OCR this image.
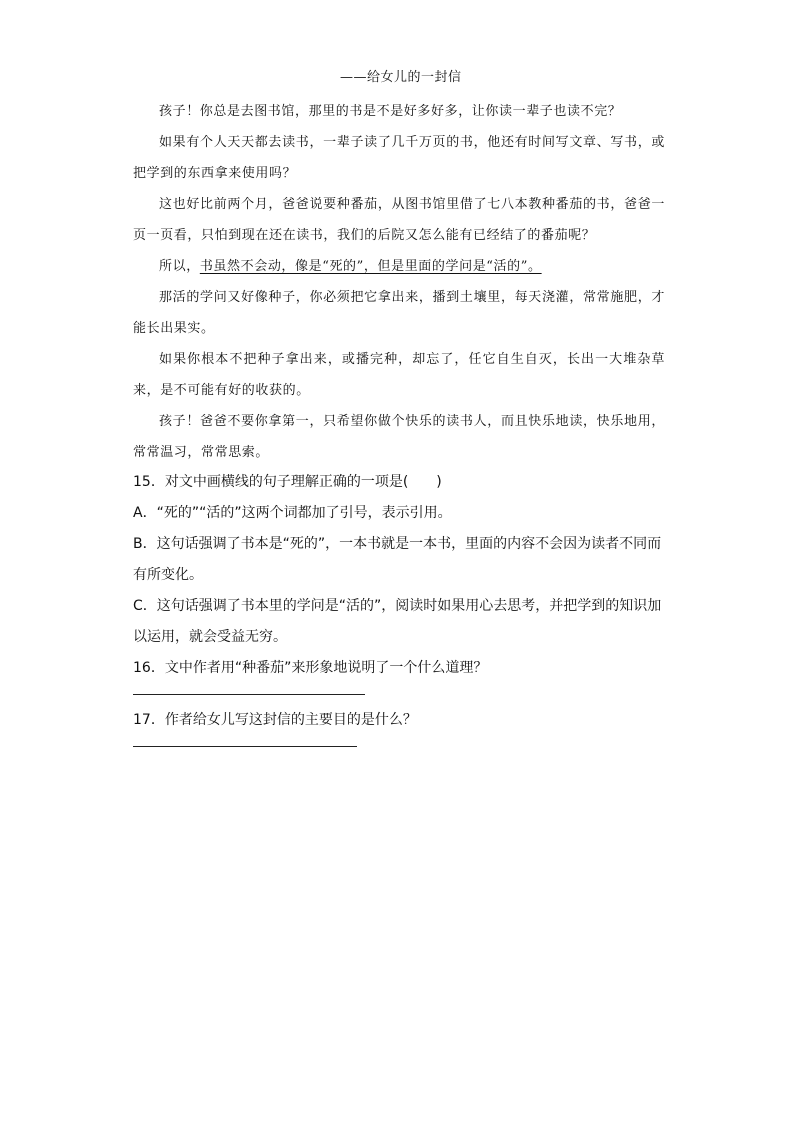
——给女儿的一封信

孩子！你总是去图书馆，那里的书是不是好多好多，让你读一辈子也读不完？

如果有个人天天都去读书，一辈子读了几千万页的书，他还有时间写文章、写书，或把学到的东西拿来使用吗？

这也好比前两个月，爸爸说要种番茄，从图书馆里借了七八本教种番茄的书，爸爸一页一页看，只怕到现在还在读书，我们的后院又怎么能有已经结了的番茄呢？

所以，书虽然不会动，像是“死的”，但是里面的学问是“活的”。

那活的学问又好像种子，你必须把它拿出来，播到土壤里，每天浇灌，常常施肥，才能长出果实。

如果你根本不把种子拿出来，或播完种，却忘了，任它自生自灭，长出一大堆杂草来，是不可能有好的收获的。

孩子！爸爸不要你拿第一，只希望你做个快乐的读书人，而且快乐地读，快乐地用，常常温习，常常思索。

15．对文中画横线的句子理解正确的一项是(　　)

A．“死的”“活的”这两个词都加了引号，表示引用。

B．这句话强调了书本是“死的”，一本书就是一本书，里面的内容不会因为读者不同而有所变化。

C．这句话强调了书本里的学问是“活的”，阅读时如果用心去思考，并把学到的知识加以运用，就会受益无穷。

16．文中作者用“种番茄”来形象地说明了一个什么道理？

17．作者给女儿写这封信的主要目的是什么？
